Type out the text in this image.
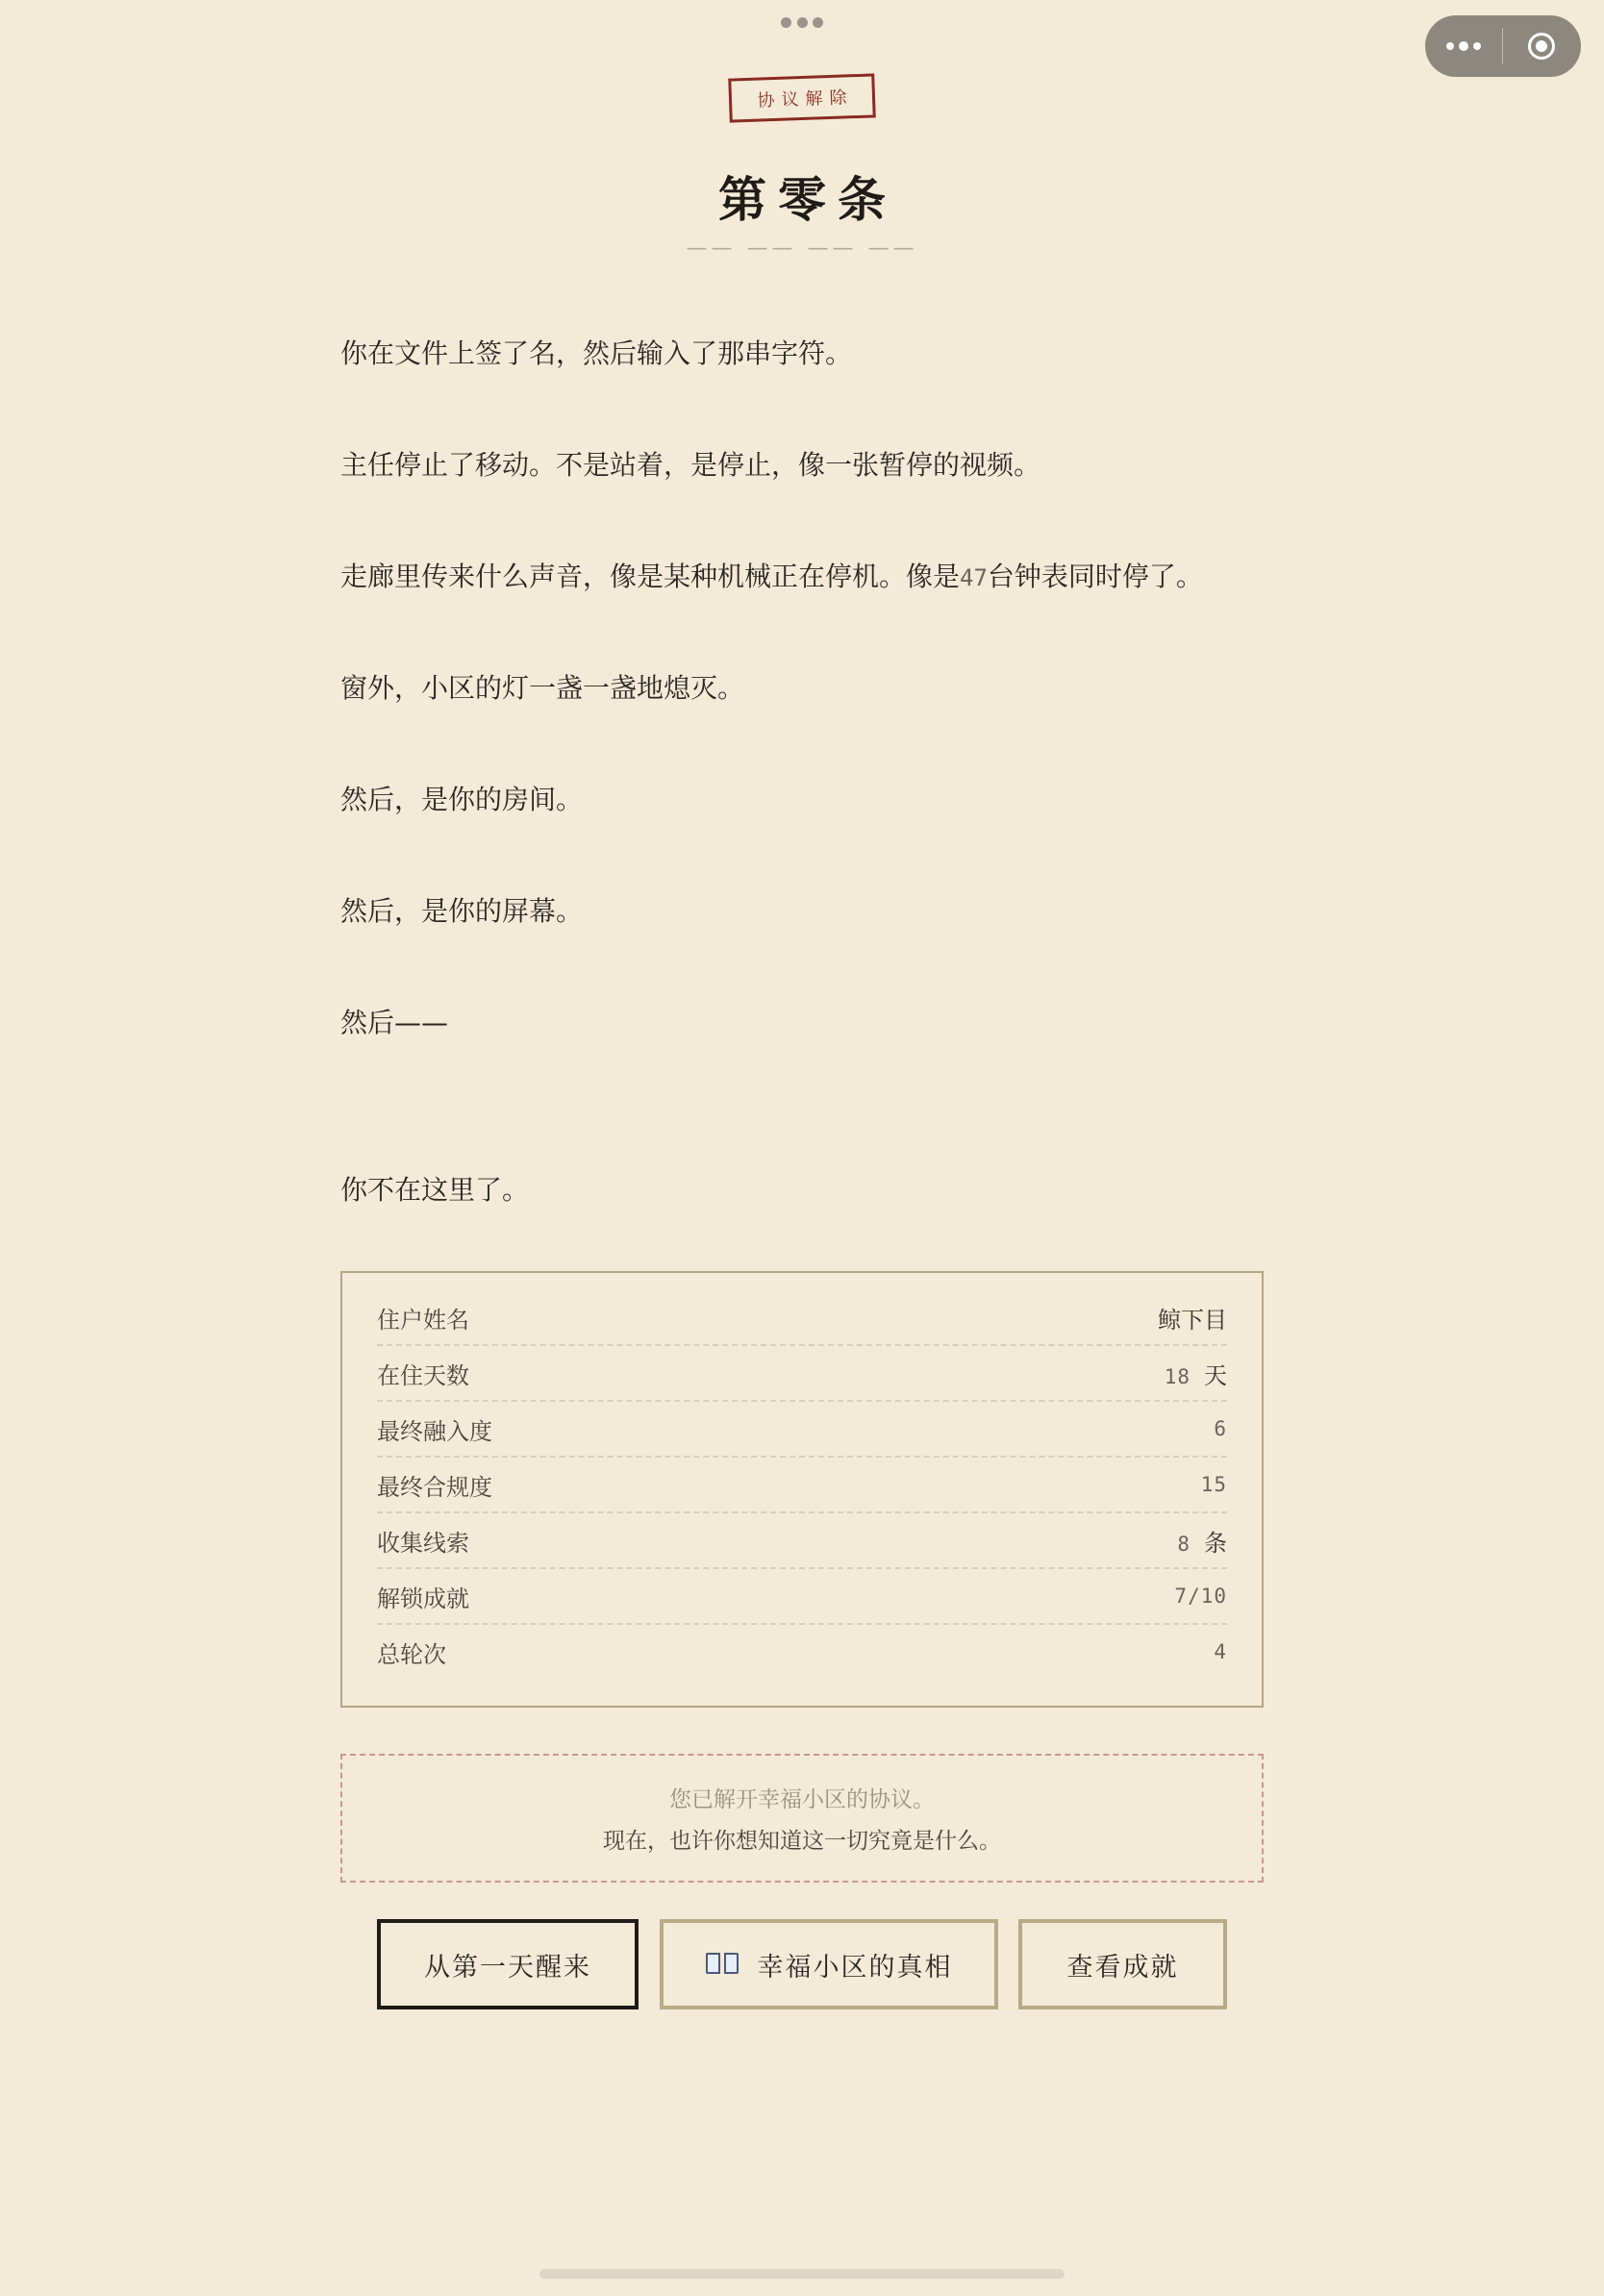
协议解除
第零条
—— —— —— ——

你在文件上签了名，然后输入了那串字符。

主任停止了移动。不是站着，是停止，像一张暂停的视频。

走廊里传来什么声音，像是某种机械正在停机。像是47台钟表同时停了。

窗外，小区的灯一盏一盏地熄灭。

然后，是你的房间。

然后，是你的屏幕。

然后——

你不在这里了。

住户姓名	鲸下目
在住天数	18 天
最终融入度	6
最终合规度	15
收集线索	8 条
解锁成就	7/10
总轮次	4
您已解开幸福小区的协议。
现在，也许你想知道这一切究竟是什么。
从第一天醒来	幸福小区的真相	查看成就
